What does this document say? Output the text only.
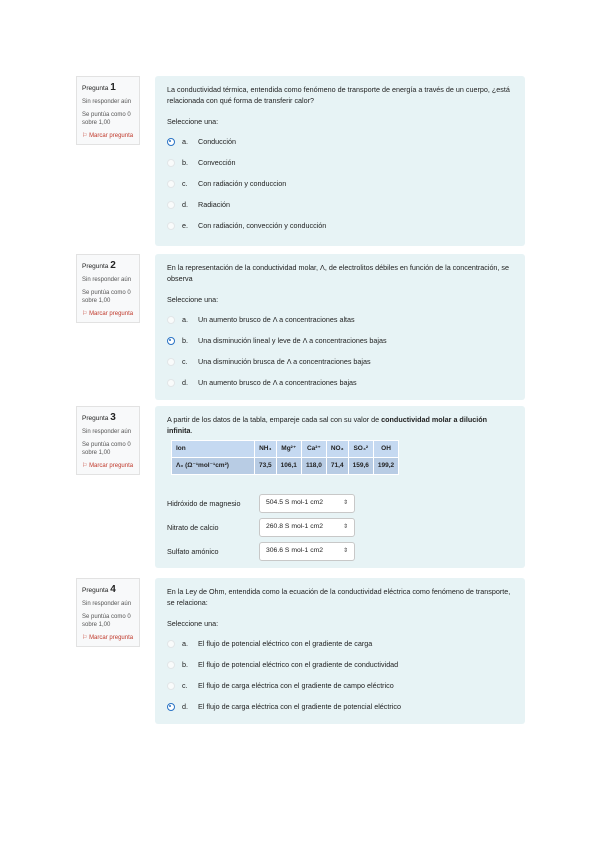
Pregunta 1
Sin responder aún
Se puntúa como 0 sobre 1,00
⚐ Marcar pregunta
La conductividad térmica, entendida como fenómeno de transporte de energía a través de un cuerpo, ¿está relacionada con qué forma de transferir calor?
Seleccione una:
a.	Conducción
b.	Convección
c.	Con radiación y conduccion
d.	Radiación
e.	Con radiación, convección y conducción
Pregunta 2
Sin responder aún
Se puntúa como 0 sobre 1,00
⚐ Marcar pregunta
En la representación de la conductividad molar, Λ, de electrolitos débiles en función de la concentración, se observa
Seleccione una:
a.	Un aumento brusco de Λ a concentraciones altas
b.	Una disminución lineal y leve de Λ a concentraciones bajas
c.	Una disminución brusca de Λ a concentraciones bajas
d.	Un aumento brusco de Λ a concentraciones bajas
Pregunta 3
Sin responder aún
Se puntúa como 0 sobre 1,00
⚐ Marcar pregunta
A partir de los datos de la tabla, empareje cada sal con su valor de conductividad molar a dilución infinita.
Ion	NH₄	Mg²⁺	Ca²⁺	NO₃	SO₄²	OH
Λ₀ (Ω⁻¹mol⁻¹cm²)	73,5	106,1	118,0	71,4	159,6	199,2
Hidróxido de magnesio	504.5 S mol-1 cm2	⇕
Nitrato de calcio	260.8 S mol-1 cm2	⇕
Sulfato amónico	306.6 S mol-1 cm2	⇕
Pregunta 4
Sin responder aún
Se puntúa como 0 sobre 1,00
⚐ Marcar pregunta
En la Ley de Ohm, entendida como la ecuación de la conductividad eléctrica como fenómeno de transporte, se relaciona:
Seleccione una:
a.	El flujo de potencial eléctrico con el gradiente de carga
b.	El flujo de potencial eléctrico con el gradiente de conductividad
c.	El flujo de carga eléctrica con el gradiente de campo eléctrico
d.	El flujo de carga eléctrica con el gradiente de potencial eléctrico
